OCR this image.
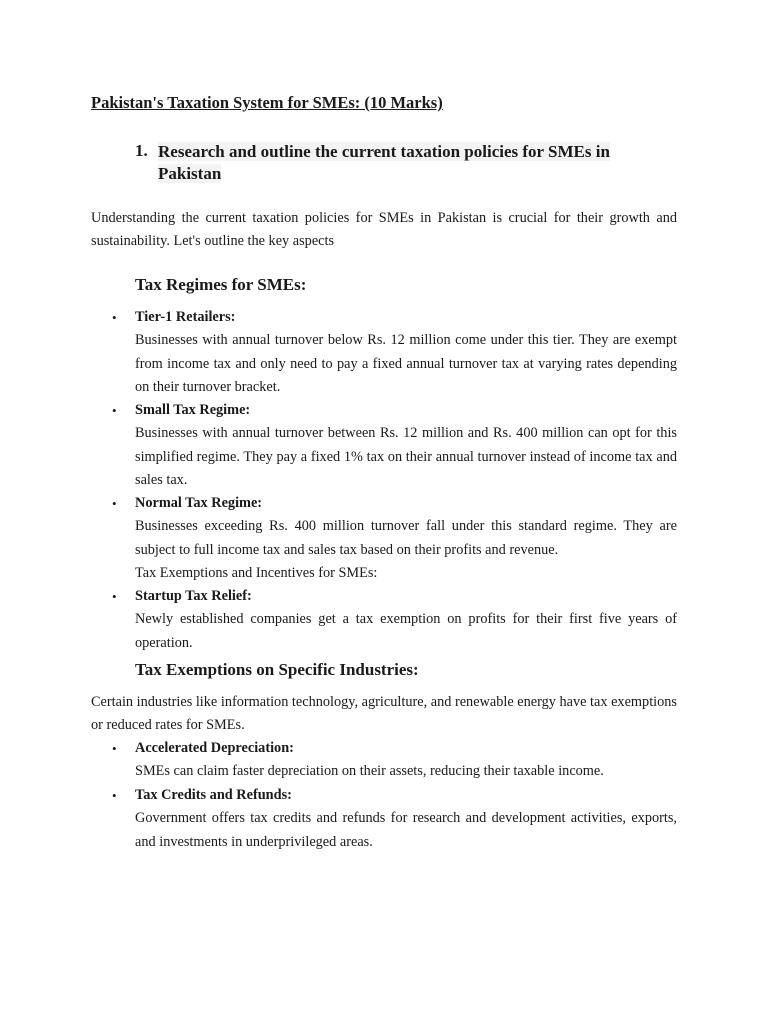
Pakistan's Taxation System for SMEs: (10 Marks)
1. Research and outline the current taxation policies for SMEs in Pakistan
Understanding the current taxation policies for SMEs in Pakistan is crucial for their growth and sustainability. Let's outline the key aspects
Tax Regimes for SMEs:
• Tier-1 Retailers:
Businesses with annual turnover below Rs. 12 million come under this tier. They are exempt from income tax and only need to pay a fixed annual turnover tax at varying rates depending on their turnover bracket.
• Small Tax Regime:
Businesses with annual turnover between Rs. 12 million and Rs. 400 million can opt for this simplified regime. They pay a fixed 1% tax on their annual turnover instead of income tax and sales tax.
• Normal Tax Regime:
Businesses exceeding Rs. 400 million turnover fall under this standard regime. They are subject to full income tax and sales tax based on their profits and revenue.
Tax Exemptions and Incentives for SMEs:
• Startup Tax Relief:
Newly established companies get a tax exemption on profits for their first five years of operation.
Tax Exemptions on Specific Industries:
Certain industries like information technology, agriculture, and renewable energy have tax exemptions or reduced rates for SMEs.
• Accelerated Depreciation:
SMEs can claim faster depreciation on their assets, reducing their taxable income.
• Tax Credits and Refunds:
Government offers tax credits and refunds for research and development activities, exports, and investments in underprivileged areas.
